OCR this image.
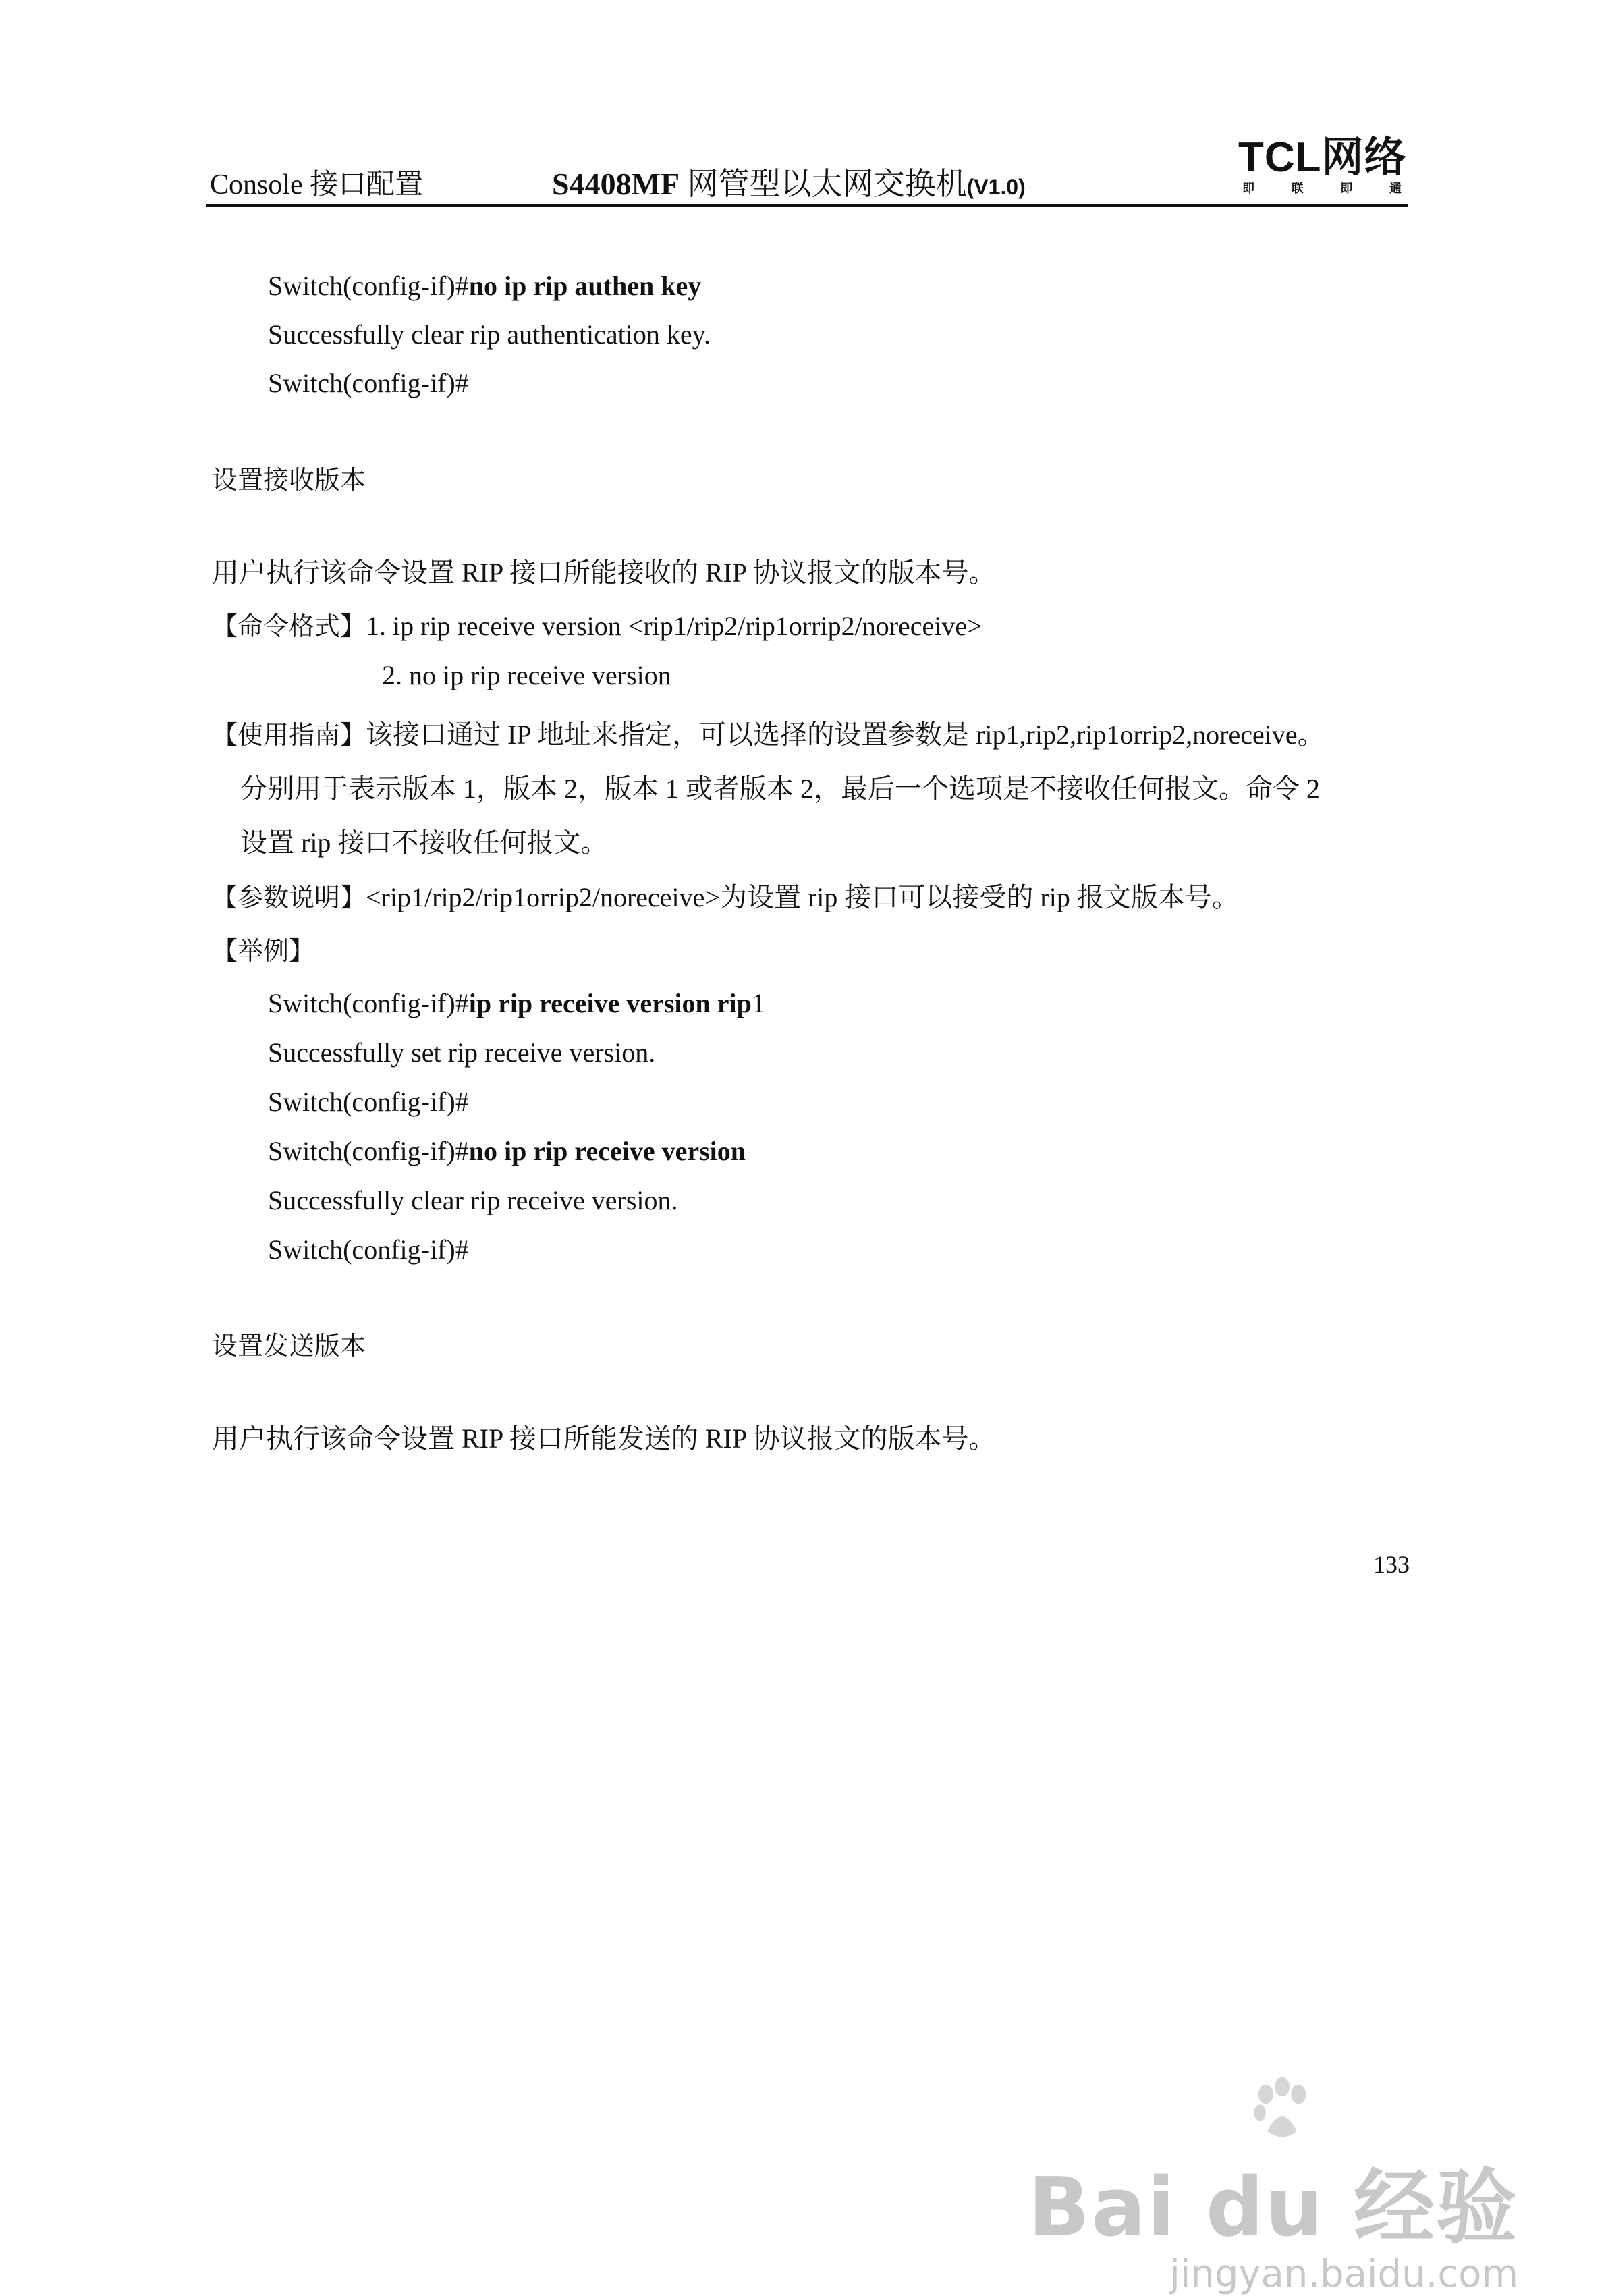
Console 接口配置	S4408MF 网管型以太网交换机(V1.0)
TCL网络
即	联	即	通
Switch(config-if)#no ip rip authen key
Successfully clear rip authentication key.
Switch(config-if)#
设置接收版本
用户执行该命令设置 RIP 接口所能接收的 RIP 协议报文的版本号。
【命令格式】1. ip rip receive version <rip1/rip2/rip1orrip2/noreceive>
2. no ip rip receive version
【使用指南】该接口通过 IP 地址来指定，可以选择的设置参数是 rip1,rip2,rip1orrip2,noreceive。
分别用于表示版本 1，版本 2，版本 1 或者版本 2，最后一个选项是不接收任何报文。命令 2
设置 rip 接口不接收任何报文。
【参数说明】<rip1/rip2/rip1orrip2/noreceive>为设置 rip 接口可以接受的 rip 报文版本号。
【举例】
Switch(config-if)#ip rip receive version rip1
Successfully set rip receive version.
Switch(config-if)#
Switch(config-if)#no ip rip receive version
Successfully clear rip receive version.
Switch(config-if)#
设置发送版本
用户执行该命令设置 RIP 接口所能发送的 RIP 协议报文的版本号。
133
Bai du 经验
jingyan.baidu.com
